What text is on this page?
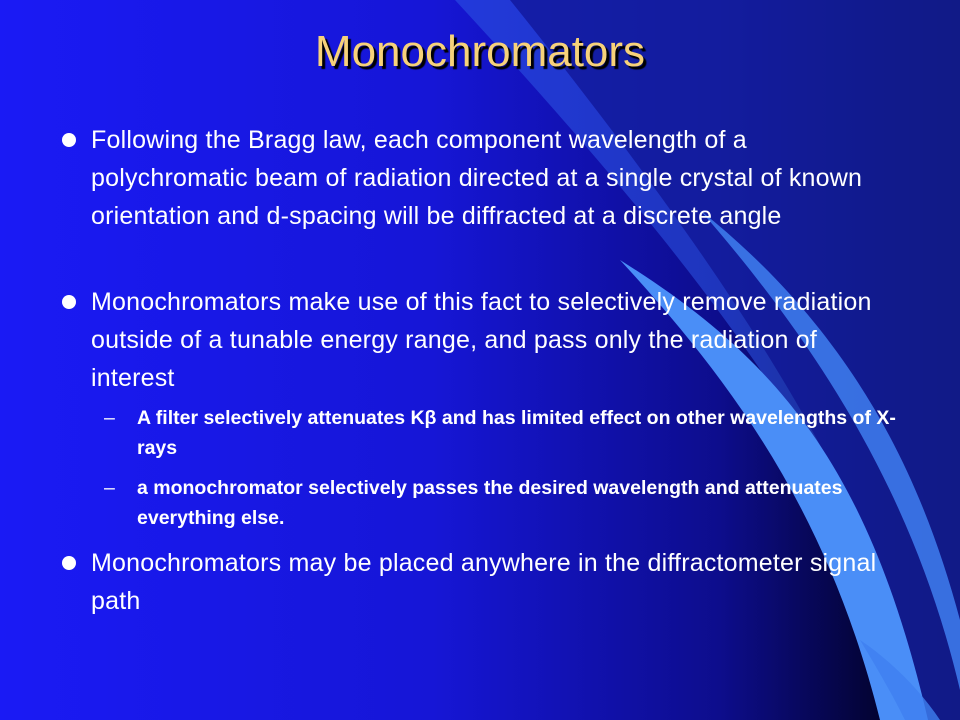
Monochromators
Following the Bragg law, each component wavelength of a polychromatic beam of radiation directed at a single crystal of known orientation and d-spacing will be diffracted at a discrete angle
Monochromators make use of this fact to selectively remove radiation outside of a tunable energy range, and pass only the radiation of interest
– A filter selectively attenuates Kβ and has limited effect on other wavelengths of X-rays
– a monochromator selectively passes the desired wavelength and attenuates everything else.
Monochromators may be placed anywhere in the diffractometer signal path
